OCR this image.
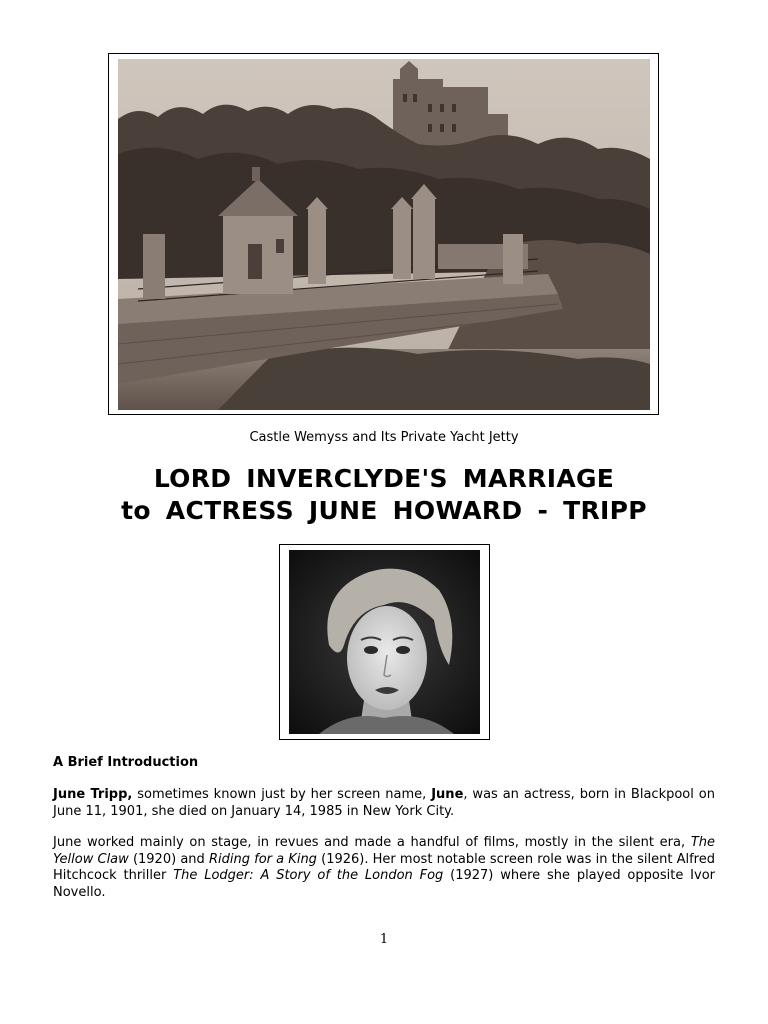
Castle Wemyss and Its Private Yacht Jetty
LORD INVERCLYDE'S MARRIAGE
to ACTRESS JUNE HOWARD - TRIPP
A Brief Introduction
June Tripp, sometimes known just by her screen name, June, was an actress, born in Blackpool on June 11, 1901, she died on January 14, 1985 in New York City.
June worked mainly on stage, in revues and made a handful of films, mostly in the silent era, The Yellow Claw (1920) and Riding for a King (1926). Her most notable screen role was in the silent Alfred Hitchcock thriller The Lodger: A Story of the London Fog (1927) where she played opposite Ivor Novello.
1
